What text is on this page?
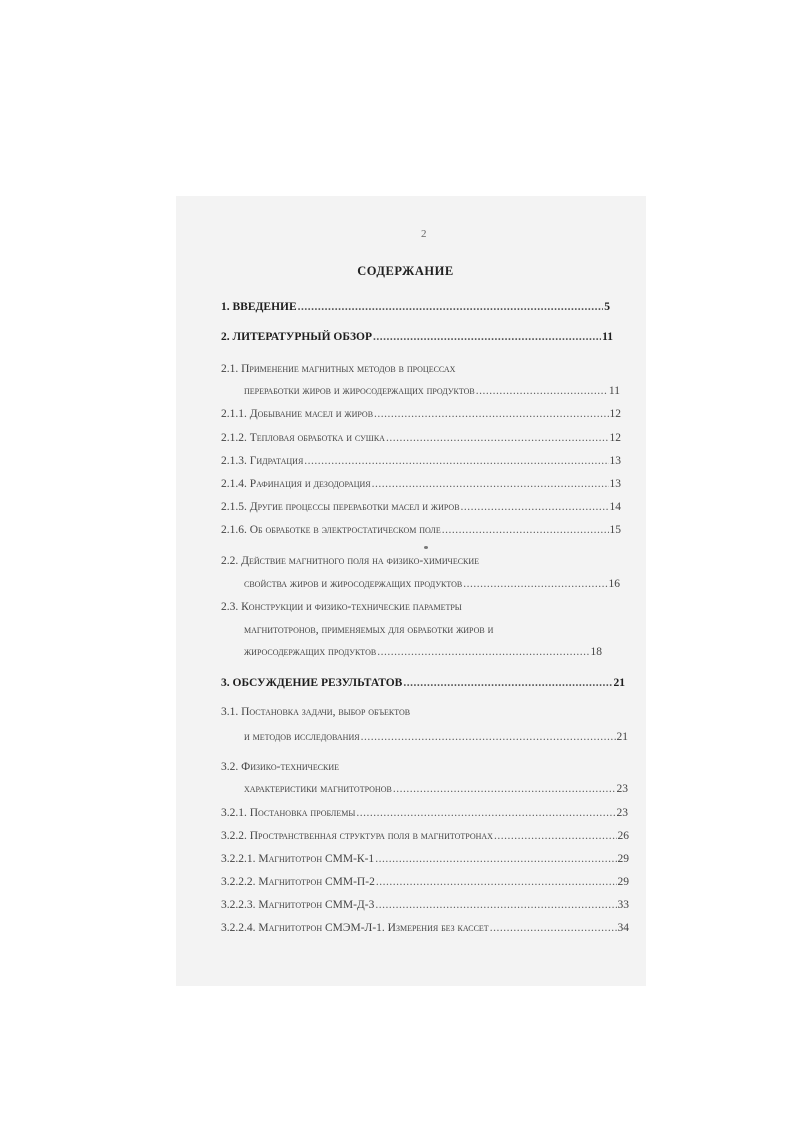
2
СОДЕРЖАНИЕ
1. ВВЕДЕНИЕ .....	5
2. ЛИТЕРАТУРНЫЙ ОБЗОР .....	11
2.1. Применение магнитных методов в процессах
переработки жиров и жиросодержащих продуктов .....	11
2.1.1. Добывание масел и жиров .....	12
2.1.2. Тепловая обработка и сушка .....	12
2.1.3. Гидратация .....	13
2.1.4. Рафинация и дезодорация .....	13
2.1.5. Другие процессы переработки масел и жиров .....	14
2.1.6. Об обработке в электростатическом поле .....	15
2.2. Действие магнитного поля на физико-химические
свойства жиров и жиросодержащих продуктов .....	16
2.3. Конструкции и физико-технические параметры
магнитотронов, применяемых для обработки жиров и
жиросодержащих продуктов .....	18
3. ОБСУЖДЕНИЕ РЕЗУЛЬТАТОВ .....	21
3.1. Постановка задачи, выбор объектов
и методов исследования .....	21
3.2. Физико-технические
характеристики магнитотронов .....	23
3.2.1. Постановка проблемы .....	23
3.2.2. Пространственная структура поля в магнитотронах .....	26
3.2.2.1. Магнитотрон СММ-К-1 .....	29
3.2.2.2. Магнитотрон СММ-П-2 .....	29
3.2.2.3. Магнитотрон СММ-Д-3 .....	33
3.2.2.4. Магнитотрон СМЭМ-Л-1. Измерения без кассет .....	34
